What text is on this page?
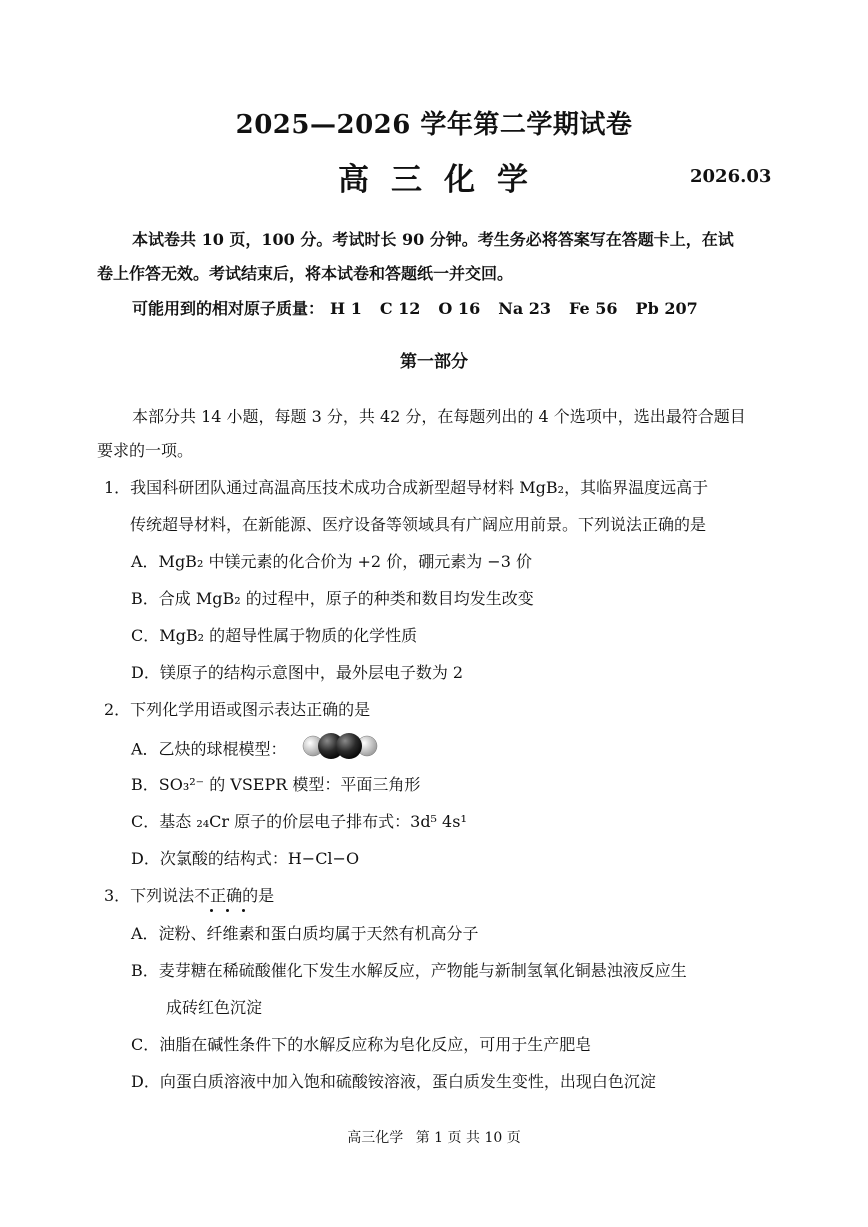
2025—2026 学年第二学期试卷
高三化学	2026.03
本试卷共 10 页，100 分。考试时长 90 分钟。考生务必将答案写在答题卡上，在试
卷上作答无效。考试结束后，将本试卷和答题纸一并交回。
可能用到的相对原子质量： H 1 C 12 O 16 Na 23 Fe 56 Pb 207
第一部分
本部分共 14 小题，每题 3 分，共 42 分，在每题列出的 4 个选项中，选出最符合题目
要求的一项。
1．我国科研团队通过高温高压技术成功合成新型超导材料 MgB₂，其临界温度远高于
传统超导材料，在新能源、医疗设备等领域具有广阔应用前景。下列说法正确的是
A．MgB₂ 中镁元素的化合价为 +2 价，硼元素为 −3 价
B．合成 MgB₂ 的过程中，原子的种类和数目均发生改变
C．MgB₂ 的超导性属于物质的化学性质
D．镁原子的结构示意图中，最外层电子数为 2
2．下列化学用语或图示表达正确的是
A．乙炔的球棍模型：
B．SO₃²⁻ 的 VSEPR 模型：平面三角形
C．基态 ₂₄Cr 原子的价层电子排布式：3d⁵ 4s¹
D．次氯酸的结构式：H−Cl−O
3．下列说法不正确的是
A．淀粉、纤维素和蛋白质均属于天然有机高分子
B．麦芽糖在稀硫酸催化下发生水解反应，产物能与新制氢氧化铜悬浊液反应生
成砖红色沉淀
C．油脂在碱性条件下的水解反应称为皂化反应，可用于生产肥皂
D．向蛋白质溶液中加入饱和硫酸铵溶液，蛋白质发生变性，出现白色沉淀
高三化学 第 1 页 共 10 页
